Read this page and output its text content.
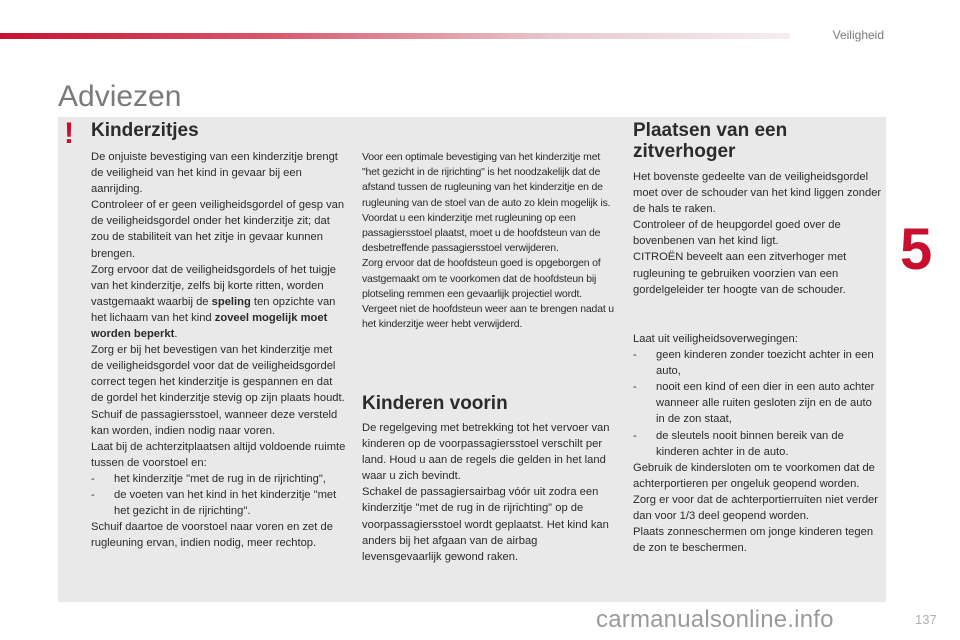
Veiligheid
5
Adviezen
! Kinderzitjes

De onjuiste bevestiging van een kinderzitje brengt de veiligheid van het kind in gevaar bij een aanrijding.

Controleer of er geen veiligheidsgordel of gesp van de veiligheidsgordel onder het kinderzitje zit; dat zou de stabiliteit van het zitje in gevaar kunnen brengen.

Zorg ervoor dat de veiligheidsgordels of het tuigje van het kinderzitje, zelfs bij korte ritten, worden vastgemaakt waarbij de speling ten opzichte van het lichaam van het kind zoveel mogelijk moet worden beperkt.

Zorg er bij het bevestigen van het kinderzitje met de veiligheidsgordel voor dat de veiligheidsgordel correct tegen het kinderzitje is gespannen en dat de gordel het kinderzitje stevig op zijn plaats houdt. Schuif de passagiersstoel, wanneer deze versteld kan worden, indien nodig naar voren.

Laat bij de achterzitplaatsen altijd voldoende ruimte tussen de voorstoel en:

-	het kinderzitje "met de rug in de rijrichting",
-	de voeten van het kind in het kinderzitje "met het gezicht in de rijrichting".

Schuif daartoe de voorstoel naar voren en zet de rugleuning ervan, indien nodig, meer rechtop.

Voor een optimale bevestiging van het kinderzitje met "het gezicht in de rijrichting" is het noodzakelijk dat de afstand tussen de rugleuning van het kinderzitje en de rugleuning van de stoel van de auto zo klein mogelijk is.

Voordat u een kinderzitje met rugleuning op een passagiersstoel plaatst, moet u de hoofdsteun van de desbetreffende passagiersstoel verwijderen.

Zorg ervoor dat de hoofdsteun goed is opgeborgen of vastgemaakt om te voorkomen dat de hoofdsteun bij plotseling remmen een gevaarlijk projectiel wordt.

Vergeet niet de hoofdsteun weer aan te brengen nadat u het kinderzitje weer hebt verwijderd.

Kinderen voorin

De regelgeving met betrekking tot het vervoer van kinderen op de voorpassagiersstoel verschilt per land. Houd u aan de regels die gelden in het land waar u zich bevindt.

Schakel de passagiersairbag vóór uit zodra een kinderzitje "met de rug in de rijrichting" op de voorpassagiersstoel wordt geplaatst. Het kind kan anders bij het afgaan van de airbag levensgevaarlijk gewond raken.

Plaatsen van een zitverhoger

Het bovenste gedeelte van de veiligheidsgordel moet over de schouder van het kind liggen zonder de hals te raken.

Controleer of de heupgordel goed over de bovenbenen van het kind ligt.

CITROËN beveelt aan een zitverhoger met rugleuning te gebruiken voorzien van een gordelgeleider ter hoogte van de schouder.

Laat uit veiligheidsoverwegingen:

-	geen kinderen zonder toezicht achter in een auto,
-	nooit een kind of een dier in een auto achter wanneer alle ruiten gesloten zijn en de auto in de zon staat,
-	de sleutels nooit binnen bereik van de kinderen achter in de auto.

Gebruik de kindersloten om te voorkomen dat de achterportieren per ongeluk geopend worden.

Zorg er voor dat de achterportierruiten niet verder dan voor 1/3 deel geopend worden.

Plaats zonneschermen om jonge kinderen tegen de zon te beschermen.

carmanualsonline.info	137
